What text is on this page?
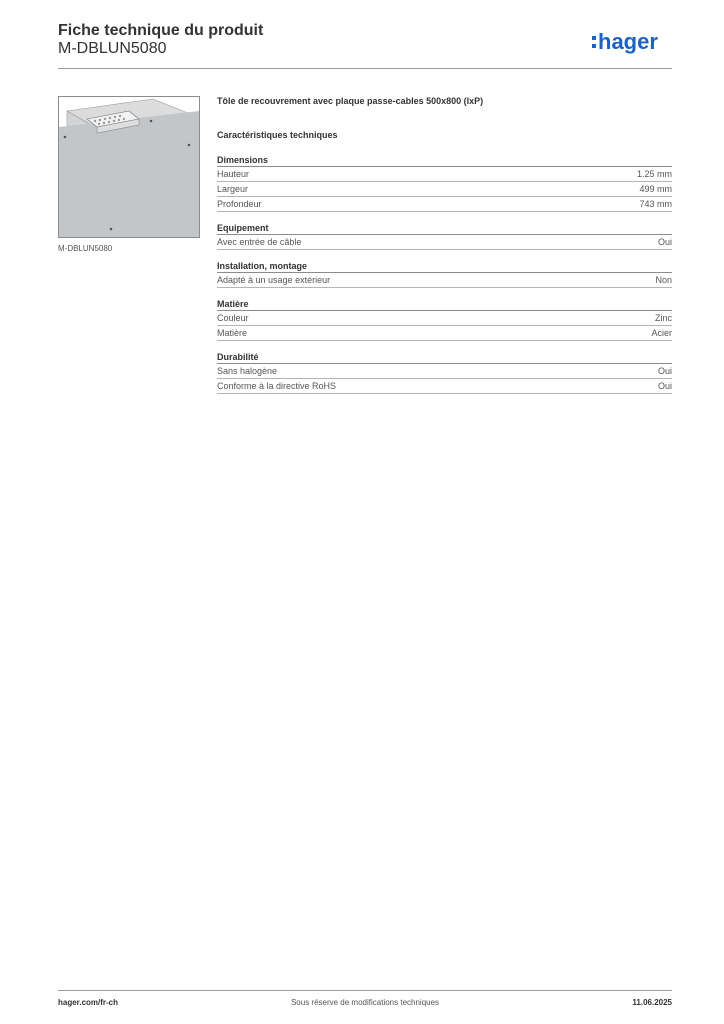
Fiche technique du produit
M-DBLUN5080	hager
M-DBLUN5080
Tôle de recouvrement avec plaque passe-cables 500x800 (lxP)
Caractéristiques techniques
Dimensions
Hauteur	1.25 mm
Largeur	499 mm
Profondeur	743 mm
Equipement
Avec entrée de câble	Oui
Installation, montage
Adapté à un usage extérieur	Non
Matière
Couleur	Zinc
Matière	Acier
Durabilité
Sans halogène	Oui
Conforme à la directive RoHS	Oui
hager.com/fr-ch	Sous réserve de modifications techniques	11.06.2025
